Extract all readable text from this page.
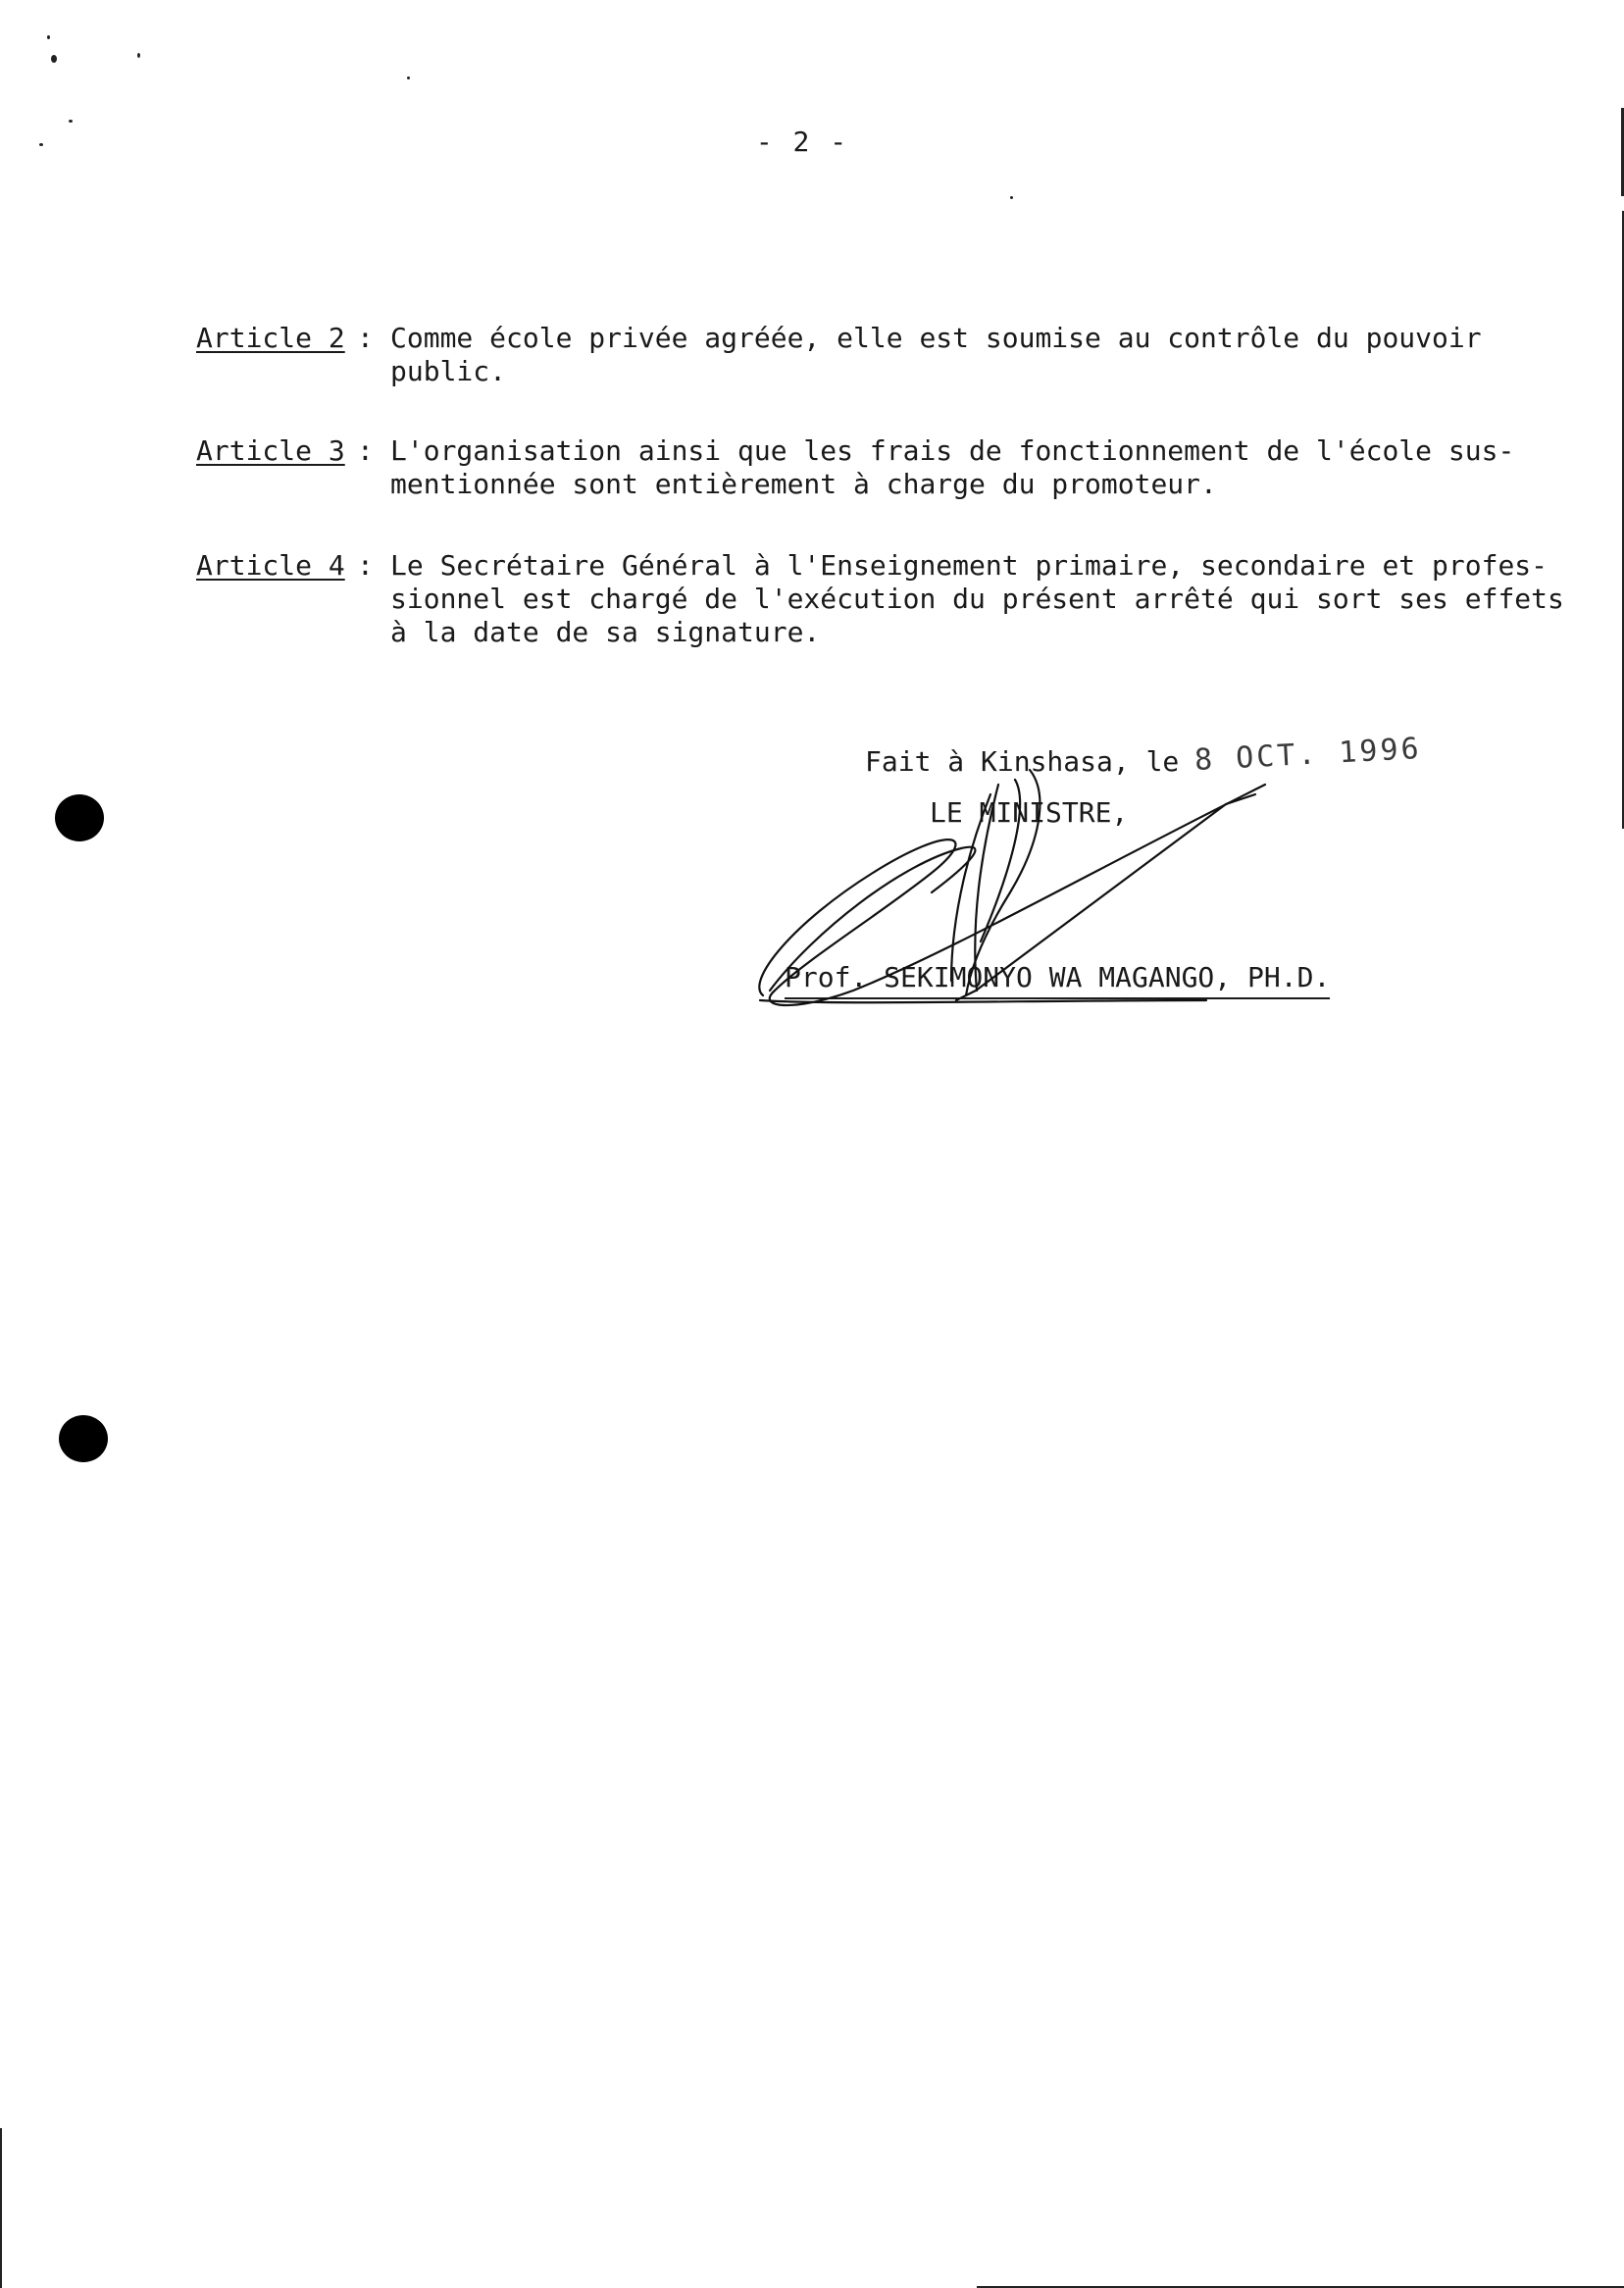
- 2 -
Article 2 : Comme école privée agréée, elle est soumise au contrôle du pouvoir
public.
Article 3 : L'organisation ainsi que les frais de fonctionnement de l'école sus-
mentionnée sont entièrement à charge du promoteur.
Article 4 : Le Secrétaire Général à l'Enseignement primaire, secondaire et profes-
sionnel est chargé de l'exécution du présent arrêté qui sort ses effets
à la date de sa signature.
Fait à Kinshasa, le 8 OCT. 1996
LE MINISTRE,
Prof. SEKIMONYO WA MAGANGO, PH.D.
